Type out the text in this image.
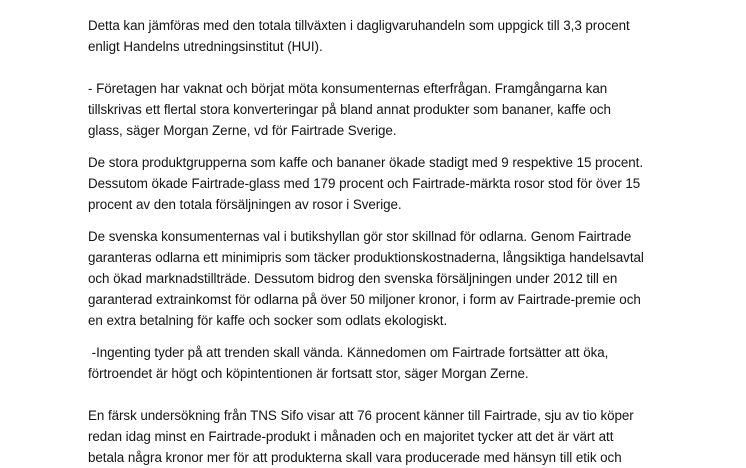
Detta kan jämföras med den totala tillväxten i dagligvaruhandeln som uppgick till 3,3 procent
enligt Handelns utredningsinstitut (HUI).
- Företagen har vaknat och börjat möta konsumenternas efterfrågan. Framgångarna kan
tillskrivas ett flertal stora konverteringar på bland annat produkter som bananer, kaffe och
glass, säger Morgan Zerne, vd för Fairtrade Sverige.
De stora produktgrupperna som kaffe och bananer ökade stadigt med 9 respektive 15 procent.
Dessutom ökade Fairtrade-glass med 179 procent och Fairtrade-märkta rosor stod för över 15
procent av den totala försäljningen av rosor i Sverige.
De svenska konsumenternas val i butikshyllan gör stor skillnad för odlarna. Genom Fairtrade
garanteras odlarna ett minimipris som täcker produktionskostnaderna, långsiktiga handelsavtal
och ökad marknadstillträde. Dessutom bidrog den svenska försäljningen under 2012 till en
garanterad extrainkomst för odlarna på över 50 miljoner kronor, i form av Fairtrade-premie och
en extra betalning för kaffe och socker som odlats ekologiskt.
-Ingenting tyder på att trenden skall vända. Kännedomen om Fairtrade fortsätter att öka,
förtroendet är högt och köpintentionen är fortsatt stor, säger Morgan Zerne.
En färsk undersökning från TNS Sifo visar att 76 procent känner till Fairtrade, sju av tio köper
redan idag minst en Fairtrade-produkt i månaden och en majoritet tycker att det är värt att
betala några kronor mer för att produkterna skall vara producerade med hänsyn till etik och
